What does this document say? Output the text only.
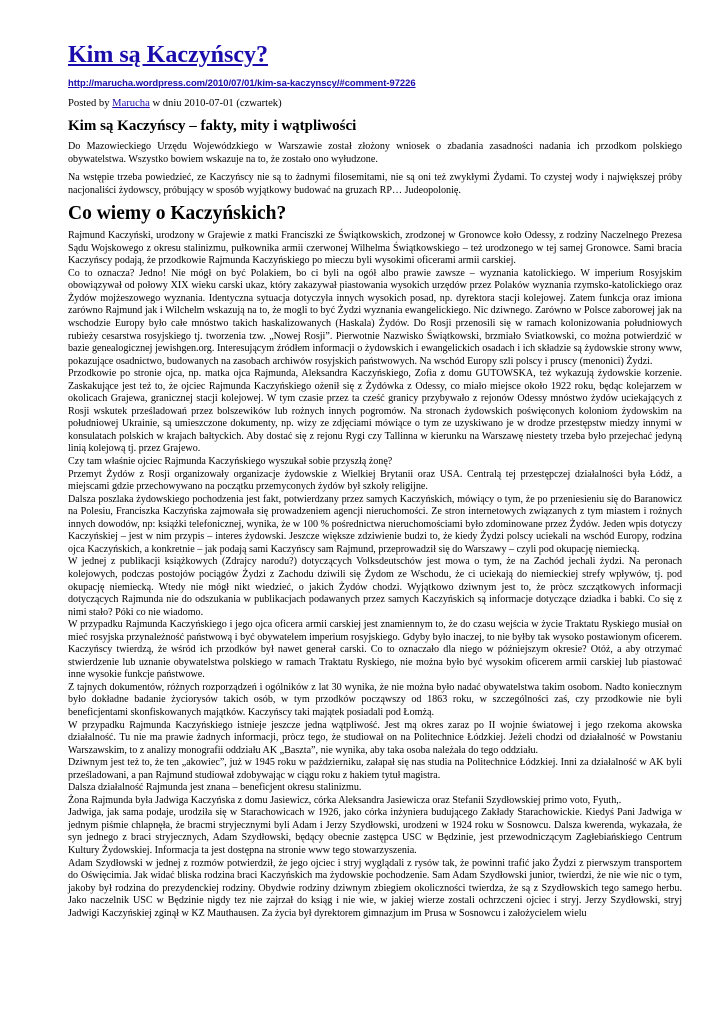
Kim są Kaczyńscy?
http://marucha.wordpress.com/2010/07/01/kim-sa-kaczynscy/#comment-97226
Posted by Marucha w dniu 2010-07-01 (czwartek)
Kim są Kaczyńscy – fakty, mity i wątpliwości

Do Mazowieckiego Urzędu Wojewódzkiego w Warszawie został złożony wniosek o zbadania zasadności nadania ich przodkom polskiego obywatelstwa. Wszystko bowiem wskazuje na to, że zostało ono wyłudzone.

Na wstępie trzeba powiedzieć, ze Kaczyńscy nie są to żadnymi filosemitami, nie są oni też zwykłymi Żydami. To czystej wody i największej próby nacjonaliści żydowscy, próbujący w sposób wyjątkowy budować na gruzach RP… Judeopolonię.

Co wiemy o Kaczyńskich?

Rajmund Kaczyński, urodzony w Grajewie z matki Franciszki ze Świątkowskich, zrodzonej w Gronowce koło Odessy, z rodziny Naczelnego Prezesa Sądu Wojskowego z okresu stalinizmu, pułkownika armii czerwonej Wilhelma Świątkowskiego – też urodzonego w tej samej Gronowce. Sami bracia Kaczyńscy podają, że przodkowie Rajmunda Kaczyńskiego po mieczu byli wysokimi oficerami armii carskiej.

Co to oznacza? Jedno! Nie mógł on być Polakiem, bo ci byli na ogół albo prawie zawsze – wyznania katolickiego. W imperium Rosyjskim obowiązywał od połowy XIX wieku carski ukaz, który zakazywał piastowania wysokich urzędów przez Polaków wyznania rzymsko-katolickiego oraz Żydów mojżeszowego wyznania. Identyczna sytuacja dotyczyła innych wysokich posad, np. dyrektora stacji kolejowej. Zatem funkcja oraz imiona zarówno Rajmund jak i Wilchelm wskazują na to, że mogli to być Żydzi wyznania ewangelickiego. Nic dziwnego. Zarówno w Polsce zaborowej jak na wschodzie Europy było całe mnóstwo takich haskalizowanych (Haskala) Żydów. Do Rosji przenosili się w ramach kolonizowania południowych rubieży cesarstwa rosyjskiego tj. tworzenia tzw. „Nowej Rosji”. Pierwotnie Nazwisko Świątkowski, brzmiało Sviatkowski, co można potwierdzić w bazie genealogicznej jewishgen.org. Interesującym źródłem informacji o żydowskich i ewangelickich osadach i ich składzie są żydowskie strony www, pokazujące osadnictwo, budowanych na zasobach archiwów rosyjskich państwowych. Na wschód Europy szli polscy i pruscy (menonici) Żydzi.

Przodkowie po stronie ojca, np. matka ojca Rajmunda, Aleksandra Kaczyńskiego, Zofia z domu GUTOWSKA, też wykazują żydowskie korzenie. Zaskakujące jest też to, że ojciec Rajmunda Kaczyńskiego ożenił się z Żydówka z Odessy, co miało miejsce około 1922 roku, będąc kolejarzem w okolicach Grajewa, granicznej stacji kolejowej. W tym czasie przez ta cześć granicy przybywało z rejonów Odessy mnóstwo żydów uciekających z Rosji wskutek prześladowań przez bolszewików lub rożnych innych pogromów. Na stronach żydowskich poświęconych koloniom żydowskim na południowej Ukrainie, są umieszczone dokumenty, np. wizy ze zdjęciami mówiące o tym ze uzyskiwano je w drodze przestępstw miedzy innymi w konsulatach polskich w krajach bałtyckich. Aby dostać się z rejonu Rygi czy Tallinna w kierunku na Warszawę niestety trzeba było przejechać jedyną linią kolejową tj. przez Grajewo.

Czy tam właśnie ojciec Rajmunda Kaczyńskiego wyszukał sobie przyszłą żonę?

Przemyt Żydów z Rosji organizowały organizacje żydowskie z Wielkiej Brytanii oraz USA. Centralą tej przestępczej działalności była Łódź, a miejscami gdzie przechowywano na początku przemyconych żydów był szkoły religijne.

Dalsza poszlaka żydowskiego pochodzenia jest fakt, potwierdzany przez samych Kaczyńskich, mówiący o tym, że po przeniesieniu się do Baranowicz na Polesiu, Franciszka Kaczyńska zajmowała się prowadzeniem agencji nieruchomości. Ze stron internetowych związanych z tym miastem i rożnych innych dowodów, np: książki telefonicznej, wynika, że w 100 % pośrednictwa nieruchomościami było zdominowane przez Żydów. Jeden wpis dotyczy Kaczyńskiej – jest w nim przypis – interes żydowski. Jeszcze większe zdziwienie budzi to, że kiedy Żydzi polscy uciekali na wschód Europy, rodzina ojca Kaczyńskich, a konkretnie – jak podają sami Kaczyńscy sam Rajmund, przeprowadził się do Warszawy – czyli pod okupację niemiecką.

W jednej z publikacji książkowych (Zdrajcy narodu?) dotyczących Volksdeutschów jest mowa o tym, że na Zachód jechali żydzi. Na peronach kolejowych, podczas postojów pociągów Żydzi z Zachodu dziwili się Żydom ze Wschodu, że ci uciekają do niemieckiej strefy wpływów, tj. pod okupację niemiecką. Wtedy nie mógł nikt wiedzieć, o jakich Żydów chodzi. Wyjątkowo dziwnym jest to, że pròcz szczątkowych informacji dotyczących Rajmunda nie do odszukania w publikacjach podawanych przez samych Kaczyńskich są informacje dotyczące dziadka i babki. Co się z nimi stało? Póki co nie wiadomo.

W przypadku Rajmunda Kaczyńskiego i jego ojca oficera armii carskiej jest znamiennym to, że do czasu wejścia w życie Traktatu Ryskiego musiał on mieć rosyjska przynależność państwową i być obywatelem imperium rosyjskiego. Gdyby było inaczej, to nie byłby tak wysoko postawionym oficerem. Kaczyńscy twierdzą, że wśród ich przodków był nawet generał carski. Co to oznaczało dla niego w późniejszym okresie? Otóż, a aby otrzymać stwierdzenie lub uznanie obywatelstwa polskiego w ramach Traktatu Ryskiego, nie można było być wysokim oficerem armii carskiej lub piastować inne wysokie funkcje państwowe.

Z tajnych dokumentów, różnych rozporządzeń i ogólników z lat 30 wynika, że nie można było nadać obywatelstwa takim osobom. Nadto koniecznym było dokładne badanie życiorysów takich osób, w tym przodków począwszy od 1863 roku, w szczególności zaś, czy przodkowie nie byli beneficjentami skonfiskowanych majątków. Kaczyńscy taki majątek posiadali pod Łomżą.

W przypadku Rajmunda Kaczyńskiego istnieje jeszcze jedna wątpliwość. Jest mą okres zaraz po II wojnie światowej i jego rzekoma akowska działalność. Tu nie ma prawie żadnych informacji, pròcz tego, że studiował on na Politechnice Łódzkiej. Jeżeli chodzi od działalność w Powstaniu Warszawskim, to z analizy monografii oddziału AK „Baszta”, nie wynika, aby taka osoba należała do tego oddziału.

Dziwnym jest też to, że ten „akowiec”, już w 1945 roku w październiku, załapał się nas studia na Politechnice Łódzkiej. Inni za działalność w AK byli prześladowani, a pan Rajmund studiował zdobywając w ciągu roku z hakiem tytuł magistra.

Dalsza działalność Rajmunda jest znana – beneficjent okresu stalinizmu.

Żona Rajmunda była Jadwiga Kaczyńska z domu Jasiewicz, córka Aleksandra Jasiewicza oraz Stefanii Szydłowskiej primo voto, Fyuth,.

Jadwiga, jak sama podaje, urodziła się w Starachowicach w 1926, jako córka inżyniera budującego Zakłady Starachowickie. Kiedyś Pani Jadwiga w jednym piśmie chlapnęła, że bracmi stryjecznymi byli Adam i Jerzy Szydłowski, urodzeni w 1924 roku w Sosnowcu. Dalsza kwerenda, wykazała, że syn jednego z braci stryjecznych, Adam Szydłowski, będący obecnie zastępca USC w Będzinie, jest przewodniczącym Zagłebiańskiego Centrum Kultury Żydowskiej. Informacja ta jest dostępna na stronie www tego stowarzyszenia.

Adam Szydłowski w jednej z rozmów potwierdził, że jego ojciec i stryj wyglądali z rysów tak, że powinni trafić jako Żydzi z pierwszym transportem do Oświęcimia. Jak widać bliska rodzina braci Kaczyńskich ma żydowskie pochodzenie. Sam Adam Szydłowski junior, twierdzi, że nie wie nic o tym, jakoby był rodzina do prezydenckiej rodziny. Obydwie rodziny dziwnym zbiegiem okoliczności twierdza, że są z Szydłowskich tego samego herbu. Jako naczelnik USC w Będzinie nigdy tez nie zajrzał do ksiąg i nie wie, w jakiej wierze zostali ochrzczeni ojciec i stryj. Jerzy Szydłowski, stryj Jadwigi Kaczyńskiej zginął w KZ Mauthausen. Za życia był dyrektorem gimnazjum im Prusa w Sosnowcu i założycielem wielu
